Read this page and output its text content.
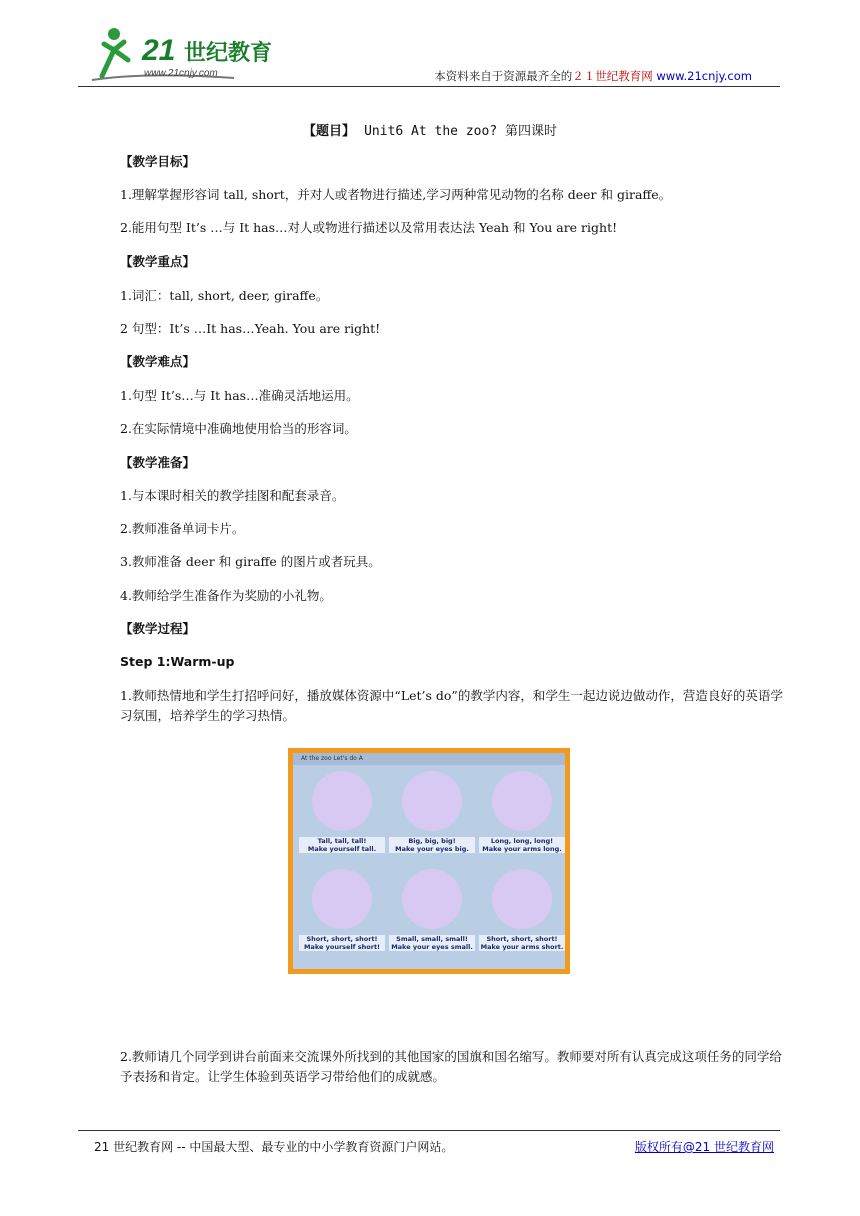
21 世纪教育
www.21cnjy.com	本资料来自于资源最齐全的２１世纪教育网 www.21cnjy.com
【题目】 Unit6 At the zoo? 第四课时
【教学目标】
1.理解掌握形容词 tall, short，并对人或者物进行描述,学习两种常见动物的名称 deer 和 giraffe。
2.能用句型 It’s …与 It has…对人或物进行描述以及常用表达法 Yeah 和 You are right!
【教学重点】
1.词汇：tall, short, deer, giraffe。
2 句型：It’s …It has…Yeah. You are right!
【教学难点】
1.句型 It’s…与 It has…准确灵活地运用。
2.在实际情境中准确地使用恰当的形容词。
【教学准备】
1.与本课时相关的教学挂图和配套录音。
2.教师准备单词卡片。
3.教师准备 deer 和 giraffe 的图片或者玩具。
4.教师给学生准备作为奖励的小礼物。
【教学过程】
Step 1:Warm-up
1.教师热情地和学生打招呼问好，播放媒体资源中“Let’s do”的教学内容，和学生一起边说边做动作，营造良好的英语学习氛围，培养学生的学习热情。
At the zoo Let's do A
Tall, tall, tall!
Make yourself tall.
Big, big, big!
Make your eyes big.
Long, long, long!
Make your arms long.
Short, short, short!
Make yourself short!
Small, small, small!
Make your eyes small.
Short, short, short!
Make your arms short.
2.教师请几个同学到讲台前面来交流课外所找到的其他国家的国旗和国名缩写。教师要对所有认真完成这项任务的同学给予表扬和肯定。让学生体验到英语学习带给他们的成就感。
21 世纪教育网 -- 中国最大型、最专业的中小学教育资源门户网站。	版权所有@21 世纪教育网
